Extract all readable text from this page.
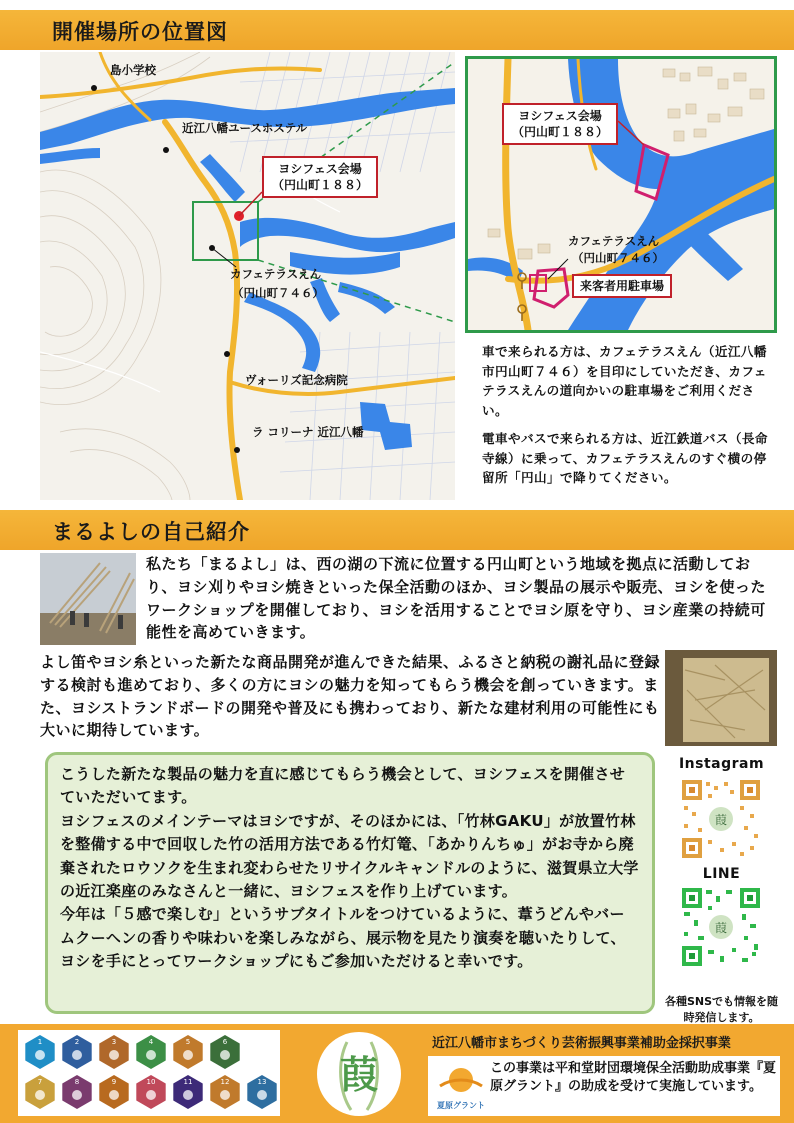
開催場所の位置図
島小学校
近江八幡ユースホステル
ヨシフェス会場
（円山町１８８）
カフェテラスえん
（円山町７４６）
ヴォーリズ記念病院
ラ コリーナ 近江八幡
ヨシフェス会場
（円山町１８８）
カフェテラスえん
（円山町７４６）
来客者用駐車場

車で来られる方は、カフェテラスえん（近江八幡市円山町７４６）を目印にしていただき、カフェテラスえんの道向かいの駐車場をご利用ください。

電車やバスで来られる方は、近江鉄道バス（長命寺線）に乗って、カフェテラスえんのすぐ横の停留所「円山」で降りてください。

まるよしの自己紹介
私たち「まるよし」は、西の湖の下流に位置する円山町という地域を拠点に活動しており、ヨシ刈りやヨシ焼きといった保全活動のほか、ヨシ製品の展示や販売、ヨシを使ったワークショップを開催しており、ヨシを活用することでヨシ原を守り、ヨシ産業の持続可能性を高めていきます。
よし笛やヨシ糸といった新たな商品開発が進んできた結果、ふるさと納税の謝礼品に登録する検討も進めており、多くの方にヨシの魅力を知ってもらう機会を創っていきます。また、ヨシストランドボードの開発や普及にも携わっており、新たな建材利用の可能性にも大いに期待しています。

こうした新たな製品の魅力を直に感じてもらう機会として、ヨシフェスを開催させていただいてます。

ヨシフェスのメインテーマはヨシですが、そのほかには、「竹林GAKU」が放置竹林を整備する中で回収した竹の活用方法である竹灯篭、「あかりんちゅ」がお寺から廃棄されたロウソクを生まれ変わらせたリサイクルキャンドルのように、滋賀県立大学の近江楽座のみなさんと一緒に、ヨシフェスを作り上げています。

今年は「５感で楽しむ」というサブタイトルをつけているように、葦うどんやバームクーヘンの香りや味わいを楽しみながら、展示物を見たり演奏を聴いたりして、ヨシを手にとってワークショップにもご参加いただけると幸いです。

Instagram
葭
LINE
葭
各種SNSでも情報を随時発信します。
1	2	3	4	5	6
7	8	9	10	11	12	13 葭
近江八幡市まちづくり芸術振興事業補助金採択事業
夏原グラント
この事業は平和堂財団環境保全活動助成事業『夏原グラント』の助成を受けて実施しています。
